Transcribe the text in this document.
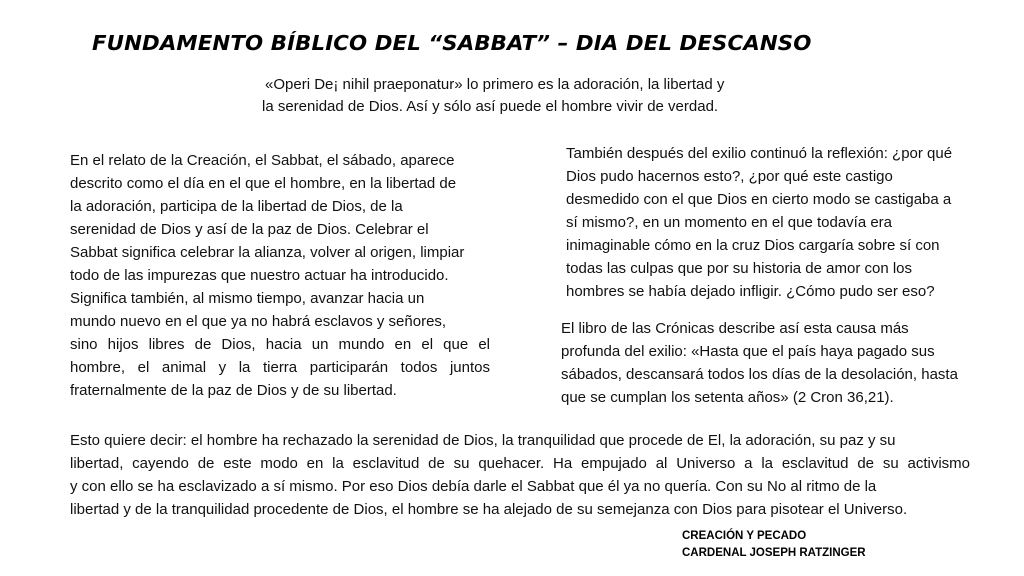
FUNDAMENTO BÍBLICO DEL “SABBAT” – DIA DEL DESCANSO
«Operi De¡ nihil praeponatur» lo primero es la adoración, la libertad y
la serenidad de Dios. Así y sólo así puede el hombre vivir de verdad.
En el relato de la Creación, el Sabbat, el sábado, aparece
descrito como el día en el que el hombre, en la libertad de
la adoración, participa de la libertad de Dios, de la
serenidad de Dios y así de la paz de Dios. Celebrar el
Sabbat significa celebrar la alianza, volver al origen, limpiar
todo de las impurezas que nuestro actuar ha introducido.
Significa también, al mismo tiempo, avanzar hacia un
mundo nuevo en el que ya no habrá esclavos y señores,
sino hijos libres de Dios, hacia un mundo en el que el
hombre, el animal y la tierra participarán todos juntos
fraternalmente de la paz de Dios y de su libertad.
También después del exilio continuó la reflexión: ¿por qué
Dios pudo hacernos esto?, ¿por qué este castigo
desmedido con el que Dios en cierto modo se castigaba a
sí mismo?, en un momento en el que todavía era
inimaginable cómo en la cruz Dios cargaría sobre sí con
todas las culpas que por su historia de amor con los
hombres se había dejado infligir. ¿Cómo pudo ser eso?
El libro de las Crónicas describe así esta causa más
profunda del exilio: «Hasta que el país haya pagado sus
sábados, descansará todos los días de la desolación, hasta
que se cumplan los setenta años» (2 Cron 36,21).
Esto quiere decir: el hombre ha rechazado la serenidad de Dios, la tranquilidad que procede de El, la adoración, su paz y su
libertad, cayendo de este modo en la esclavitud de su quehacer. Ha empujado al Universo a la esclavitud de su activismo
y con ello se ha esclavizado a sí mismo. Por eso Dios debía darle el Sabbat que él ya no quería. Con su No al ritmo de la
libertad y de la tranquilidad procedente de Dios, el hombre se ha alejado de su semejanza con Dios para pisotear el Universo.
CREACIÓN Y PECADO
CARDENAL JOSEPH RATZINGER
